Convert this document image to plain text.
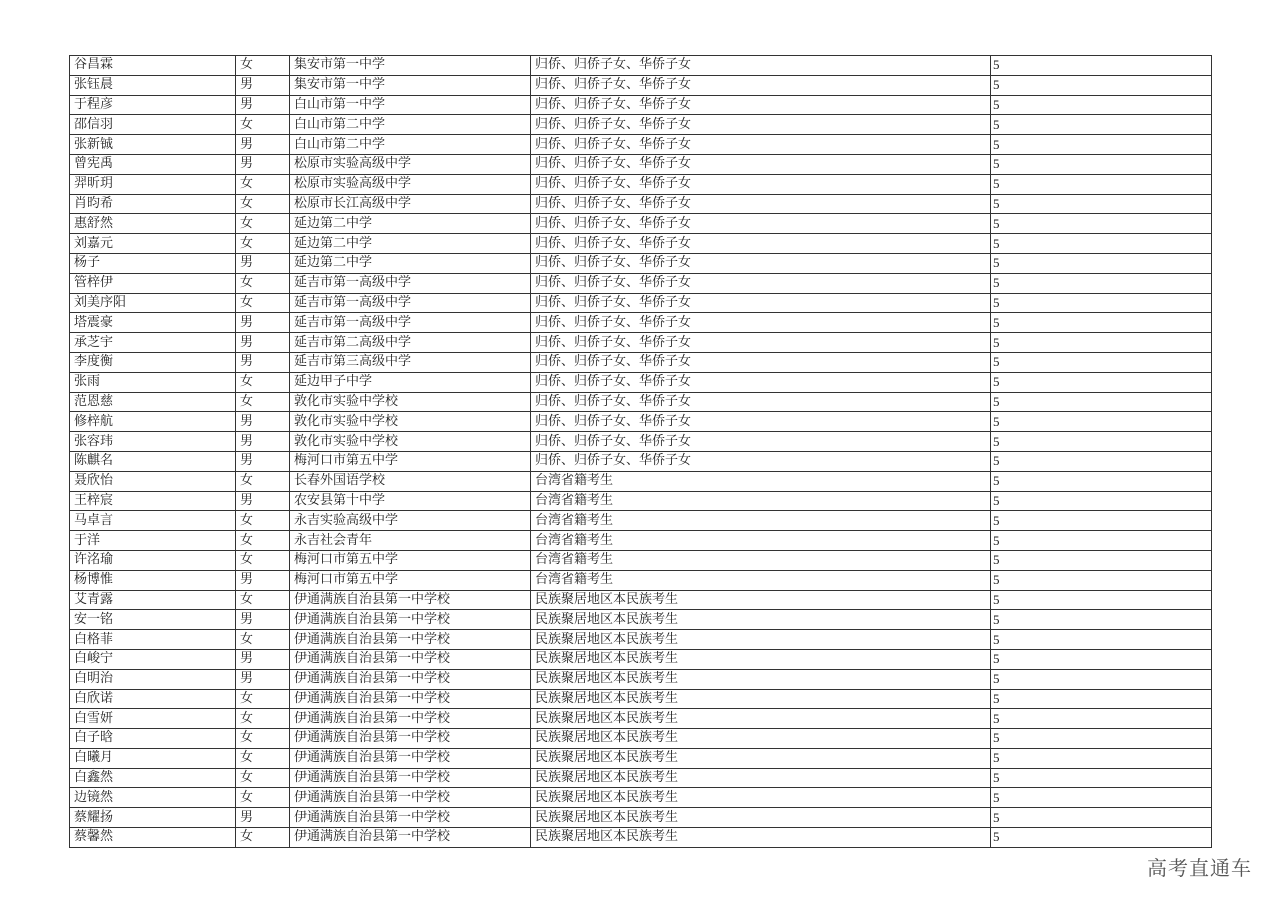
谷昌霖	女	集安市第一中学	归侨、归侨子女、华侨子女	5
张钰晨	男	集安市第一中学	归侨、归侨子女、华侨子女	5
于程彦	男	白山市第一中学	归侨、归侨子女、华侨子女	5
邵信羽	女	白山市第二中学	归侨、归侨子女、华侨子女	5
张新铖	男	白山市第二中学	归侨、归侨子女、华侨子女	5
曾宪禹	男	松原市实验高级中学	归侨、归侨子女、华侨子女	5
羿昕玥	女	松原市实验高级中学	归侨、归侨子女、华侨子女	5
肖昀希	女	松原市长江高级中学	归侨、归侨子女、华侨子女	5
惠舒然	女	延边第二中学	归侨、归侨子女、华侨子女	5
刘嘉元	女	延边第二中学	归侨、归侨子女、华侨子女	5
杨子	男	延边第二中学	归侨、归侨子女、华侨子女	5
管梓伊	女	延吉市第一高级中学	归侨、归侨子女、华侨子女	5
刘美序阳	女	延吉市第一高级中学	归侨、归侨子女、华侨子女	5
塔震豪	男	延吉市第一高级中学	归侨、归侨子女、华侨子女	5
承芝宇	男	延吉市第二高级中学	归侨、归侨子女、华侨子女	5
李度衡	男	延吉市第三高级中学	归侨、归侨子女、华侨子女	5
张雨	女	延边甲子中学	归侨、归侨子女、华侨子女	5
范恩慈	女	敦化市实验中学校	归侨、归侨子女、华侨子女	5
修梓航	男	敦化市实验中学校	归侨、归侨子女、华侨子女	5
张容玮	男	敦化市实验中学校	归侨、归侨子女、华侨子女	5
陈麒名	男	梅河口市第五中学	归侨、归侨子女、华侨子女	5
聂欣怡	女	长春外国语学校	台湾省籍考生	5
王梓宸	男	农安县第十中学	台湾省籍考生	5
马卓言	女	永吉实验高级中学	台湾省籍考生	5
于洋	女	永吉社会青年	台湾省籍考生	5
许洺瑜	女	梅河口市第五中学	台湾省籍考生	5
杨博惟	男	梅河口市第五中学	台湾省籍考生	5
艾青露	女	伊通满族自治县第一中学校	民族聚居地区本民族考生	5
安一铭	男	伊通满族自治县第一中学校	民族聚居地区本民族考生	5
白格菲	女	伊通满族自治县第一中学校	民族聚居地区本民族考生	5
白峻宁	男	伊通满族自治县第一中学校	民族聚居地区本民族考生	5
白明治	男	伊通满族自治县第一中学校	民族聚居地区本民族考生	5
白欣诺	女	伊通满族自治县第一中学校	民族聚居地区本民族考生	5
白雪妍	女	伊通满族自治县第一中学校	民族聚居地区本民族考生	5
白子晗	女	伊通满族自治县第一中学校	民族聚居地区本民族考生	5
白曦月	女	伊通满族自治县第一中学校	民族聚居地区本民族考生	5
白鑫然	女	伊通满族自治县第一中学校	民族聚居地区本民族考生	5
边镜然	女	伊通满族自治县第一中学校	民族聚居地区本民族考生	5
蔡耀扬	男	伊通满族自治县第一中学校	民族聚居地区本民族考生	5
蔡馨然	女	伊通满族自治县第一中学校	民族聚居地区本民族考生	5
高考直通车
